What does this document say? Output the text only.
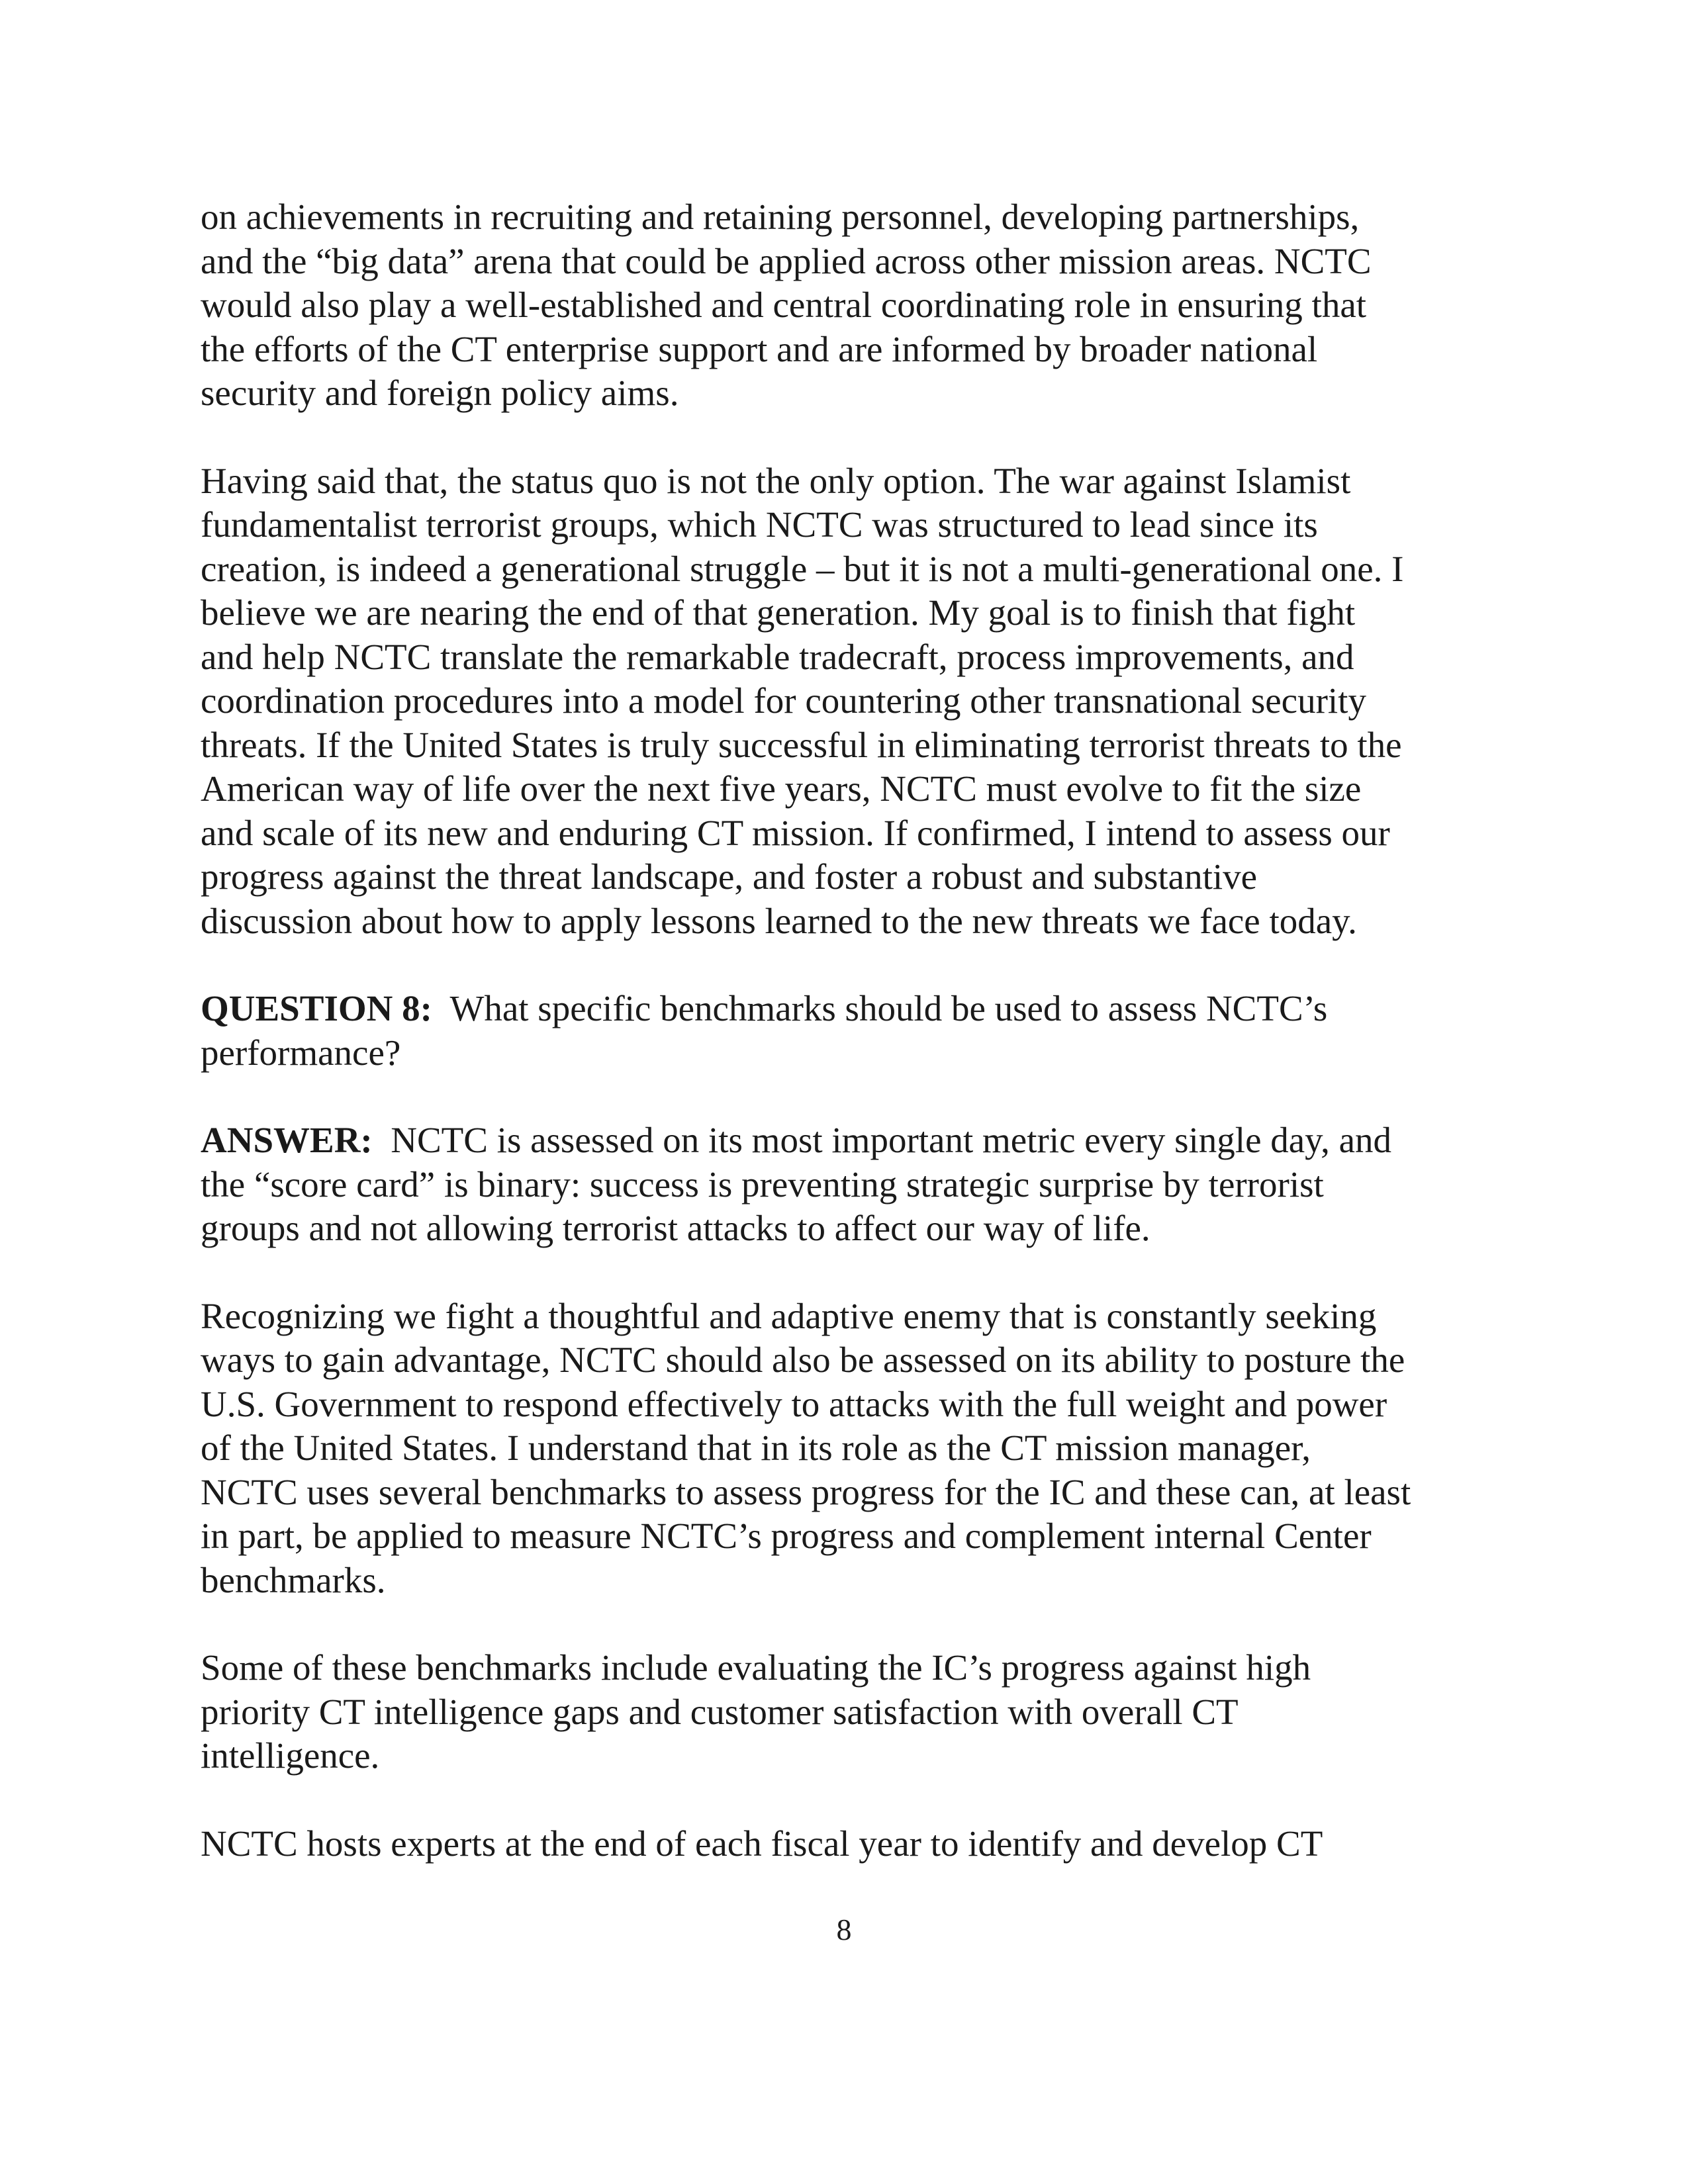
on achievements in recruiting and retaining personnel, developing partnerships,
and the “big data” arena that could be applied across other mission areas. NCTC
would also play a well-established and central coordinating role in ensuring that
the efforts of the CT enterprise support and are informed by broader national
security and foreign policy aims.

Having said that, the status quo is not the only option. The war against Islamist
fundamentalist terrorist groups, which NCTC was structured to lead since its
creation, is indeed a generational struggle – but it is not a multi-generational one. I
believe we are nearing the end of that generation. My goal is to finish that fight
and help NCTC translate the remarkable tradecraft, process improvements, and
coordination procedures into a model for countering other transnational security
threats. If the United States is truly successful in eliminating terrorist threats to the
American way of life over the next five years, NCTC must evolve to fit the size
and scale of its new and enduring CT mission. If confirmed, I intend to assess our
progress against the threat landscape, and foster a robust and substantive
discussion about how to apply lessons learned to the new threats we face today.

QUESTION 8: What specific benchmarks should be used to assess NCTC’s
performance?

ANSWER: NCTC is assessed on its most important metric every single day, and
the “score card” is binary: success is preventing strategic surprise by terrorist
groups and not allowing terrorist attacks to affect our way of life.

Recognizing we fight a thoughtful and adaptive enemy that is constantly seeking
ways to gain advantage, NCTC should also be assessed on its ability to posture the
U.S. Government to respond effectively to attacks with the full weight and power
of the United States. I understand that in its role as the CT mission manager,
NCTC uses several benchmarks to assess progress for the IC and these can, at least
in part, be applied to measure NCTC’s progress and complement internal Center
benchmarks.

Some of these benchmarks include evaluating the IC’s progress against high
priority CT intelligence gaps and customer satisfaction with overall CT
intelligence.

NCTC hosts experts at the end of each fiscal year to identify and develop CT

8
